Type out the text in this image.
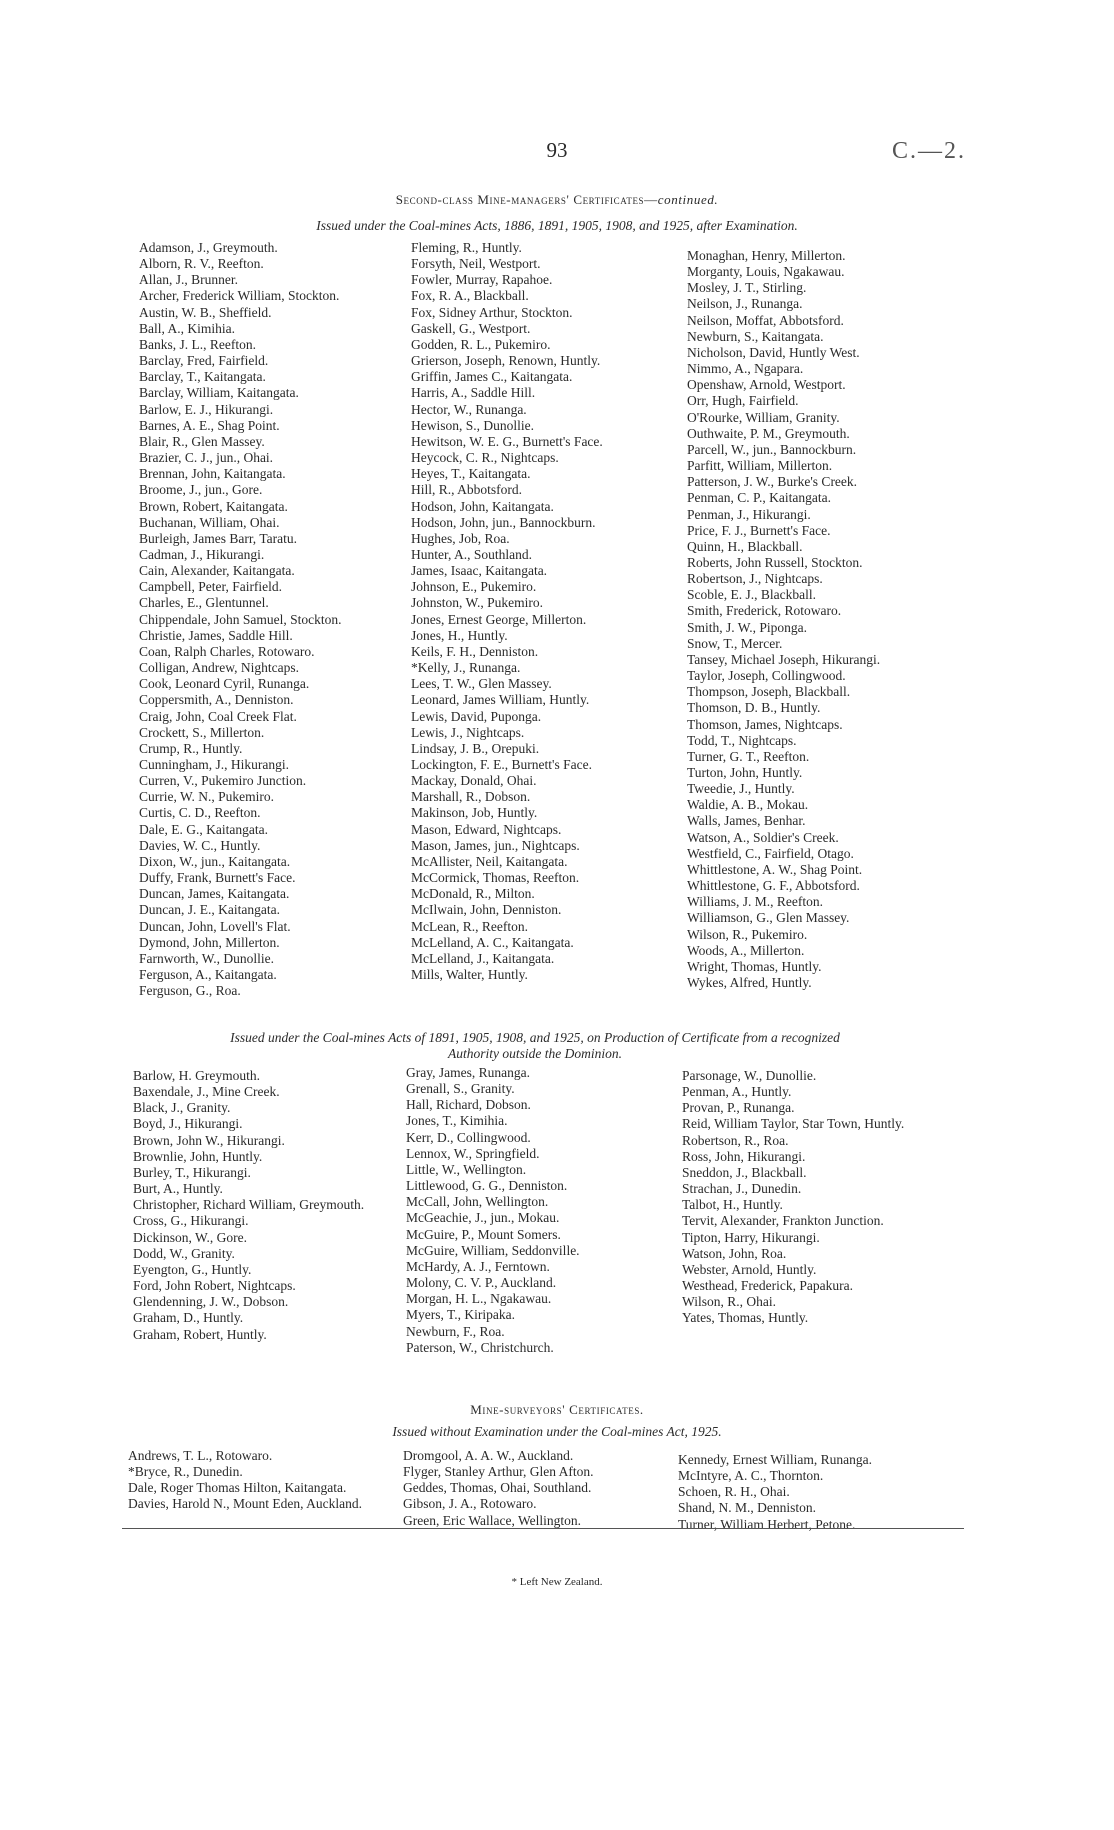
93	C.—2.
Second-class Mine-managers' Certificates—continued.
Issued under the Coal-mines Acts, 1886, 1891, 1905, 1908, and 1925, after Examination.
Adamson, J., Greymouth.
Alborn, R. V., Reefton.
Allan, J., Brunner.
Archer, Frederick William, Stockton.
Austin, W. B., Sheffield.
Ball, A., Kimihia.
Banks, J. L., Reefton.
Barclay, Fred, Fairfield.
Barclay, T., Kaitangata.
Barclay, William, Kaitangata.
Barlow, E. J., Hikurangi.
Barnes, A. E., Shag Point.
Blair, R., Glen Massey.
Brazier, C. J., jun., Ohai.
Brennan, John, Kaitangata.
Broome, J., jun., Gore.
Brown, Robert, Kaitangata.
Buchanan, William, Ohai.
Burleigh, James Barr, Taratu.
Cadman, J., Hikurangi.
Cain, Alexander, Kaitangata.
Campbell, Peter, Fairfield.
Charles, E., Glentunnel.
Chippendale, John Samuel, Stockton.
Christie, James, Saddle Hill.
Coan, Ralph Charles, Rotowaro.
Colligan, Andrew, Nightcaps.
Cook, Leonard Cyril, Runanga.
Coppersmith, A., Denniston.
Craig, John, Coal Creek Flat.
Crockett, S., Millerton.
Crump, R., Huntly.
Cunningham, J., Hikurangi.
Curren, V., Pukemiro Junction.
Currie, W. N., Pukemiro.
Curtis, C. D., Reefton.
Dale, E. G., Kaitangata.
Davies, W. C., Huntly.
Dixon, W., jun., Kaitangata.
Duffy, Frank, Burnett's Face.
Duncan, James, Kaitangata.
Duncan, J. E., Kaitangata.
Duncan, John, Lovell's Flat.
Dymond, John, Millerton.
Farnworth, W., Dunollie.
Ferguson, A., Kaitangata.
Ferguson, G., Roa.
Fleming, R., Huntly.
Forsyth, Neil, Westport.
Fowler, Murray, Rapahoe.
Fox, R. A., Blackball.
Fox, Sidney Arthur, Stockton.
Gaskell, G., Westport.
Godden, R. L., Pukemiro.
Grierson, Joseph, Renown, Huntly.
Griffin, James C., Kaitangata.
Harris, A., Saddle Hill.
Hector, W., Runanga.
Hewison, S., Dunollie.
Hewitson, W. E. G., Burnett's Face.
Heycock, C. R., Nightcaps.
Heyes, T., Kaitangata.
Hill, R., Abbotsford.
Hodson, John, Kaitangata.
Hodson, John, jun., Bannockburn.
Hughes, Job, Roa.
Hunter, A., Southland.
James, Isaac, Kaitangata.
Johnson, E., Pukemiro.
Johnston, W., Pukemiro.
Jones, Ernest George, Millerton.
Jones, H., Huntly.
Keils, F. H., Denniston.
*Kelly, J., Runanga.
Lees, T. W., Glen Massey.
Leonard, James William, Huntly.
Lewis, David, Puponga.
Lewis, J., Nightcaps.
Lindsay, J. B., Orepuki.
Lockington, F. E., Burnett's Face.
Mackay, Donald, Ohai.
Marshall, R., Dobson.
Makinson, Job, Huntly.
Mason, Edward, Nightcaps.
Mason, James, jun., Nightcaps.
McAllister, Neil, Kaitangata.
McCormick, Thomas, Reefton.
McDonald, R., Milton.
McIlwain, John, Denniston.
McLean, R., Reefton.
McLelland, A. C., Kaitangata.
McLelland, J., Kaitangata.
Mills, Walter, Huntly.
Monaghan, Henry, Millerton.
Morganty, Louis, Ngakawau.
Mosley, J. T., Stirling.
Neilson, J., Runanga.
Neilson, Moffat, Abbotsford.
Newburn, S., Kaitangata.
Nicholson, David, Huntly West.
Nimmo, A., Ngapara.
Openshaw, Arnold, Westport.
Orr, Hugh, Fairfield.
O'Rourke, William, Granity.
Outhwaite, P. M., Greymouth.
Parcell, W., jun., Bannockburn.
Parfitt, William, Millerton.
Patterson, J. W., Burke's Creek.
Penman, C. P., Kaitangata.
Penman, J., Hikurangi.
Price, F. J., Burnett's Face.
Quinn, H., Blackball.
Roberts, John Russell, Stockton.
Robertson, J., Nightcaps.
Scoble, E. J., Blackball.
Smith, Frederick, Rotowaro.
Smith, J. W., Piponga.
Snow, T., Mercer.
Tansey, Michael Joseph, Hikurangi.
Taylor, Joseph, Collingwood.
Thompson, Joseph, Blackball.
Thomson, D. B., Huntly.
Thomson, James, Nightcaps.
Todd, T., Nightcaps.
Turner, G. T., Reefton.
Turton, John, Huntly.
Tweedie, J., Huntly.
Waldie, A. B., Mokau.
Walls, James, Benhar.
Watson, A., Soldier's Creek.
Westfield, C., Fairfield, Otago.
Whittlestone, A. W., Shag Point.
Whittlestone, G. F., Abbotsford.
Williams, J. M., Reefton.
Williamson, G., Glen Massey.
Wilson, R., Pukemiro.
Woods, A., Millerton.
Wright, Thomas, Huntly.
Wykes, Alfred, Huntly.
Issued under the Coal-mines Acts of 1891, 1905, 1908, and 1925, on Production of Certificate from a recognized
Authority outside the Dominion.
Barlow, H. Greymouth.
Baxendale, J., Mine Creek.
Black, J., Granity.
Boyd, J., Hikurangi.
Brown, John W., Hikurangi.
Brownlie, John, Huntly.
Burley, T., Hikurangi.
Burt, A., Huntly.
Christopher, Richard William, Greymouth.
Cross, G., Hikurangi.
Dickinson, W., Gore.
Dodd, W., Granity.
Eyengton, G., Huntly.
Ford, John Robert, Nightcaps.
Glendenning, J. W., Dobson.
Graham, D., Huntly.
Graham, Robert, Huntly.
Gray, James, Runanga.
Grenall, S., Granity.
Hall, Richard, Dobson.
Jones, T., Kimihia.
Kerr, D., Collingwood.
Lennox, W., Springfield.
Little, W., Wellington.
Littlewood, G. G., Denniston.
McCall, John, Wellington.
McGeachie, J., jun., Mokau.
McGuire, P., Mount Somers.
McGuire, William, Seddonville.
McHardy, A. J., Ferntown.
Molony, C. V. P., Auckland.
Morgan, H. L., Ngakawau.
Myers, T., Kiripaka.
Newburn, F., Roa.
Paterson, W., Christchurch.
Parsonage, W., Dunollie.
Penman, A., Huntly.
Provan, P., Runanga.
Reid, William Taylor, Star Town, Huntly.
Robertson, R., Roa.
Ross, John, Hikurangi.
Sneddon, J., Blackball.
Strachan, J., Dunedin.
Talbot, H., Huntly.
Tervit, Alexander, Frankton Junction.
Tipton, Harry, Hikurangi.
Watson, John, Roa.
Webster, Arnold, Huntly.
Westhead, Frederick, Papakura.
Wilson, R., Ohai.
Yates, Thomas, Huntly.
Mine-surveyors' Certificates.
Issued without Examination under the Coal-mines Act, 1925.
Andrews, T. L., Rotowaro.
*Bryce, R., Dunedin.
Dale, Roger Thomas Hilton, Kaitangata.
Davies, Harold N., Mount Eden, Auckland.
Dromgool, A. A. W., Auckland.
Flyger, Stanley Arthur, Glen Afton.
Geddes, Thomas, Ohai, Southland.
Gibson, J. A., Rotowaro.
Green, Eric Wallace, Wellington.
Kennedy, Ernest William, Runanga.
McIntyre, A. C., Thornton.
Schoen, R. H., Ohai.
Shand, N. M., Denniston.
Turner, William Herbert, Petone.
* Left New Zealand.
